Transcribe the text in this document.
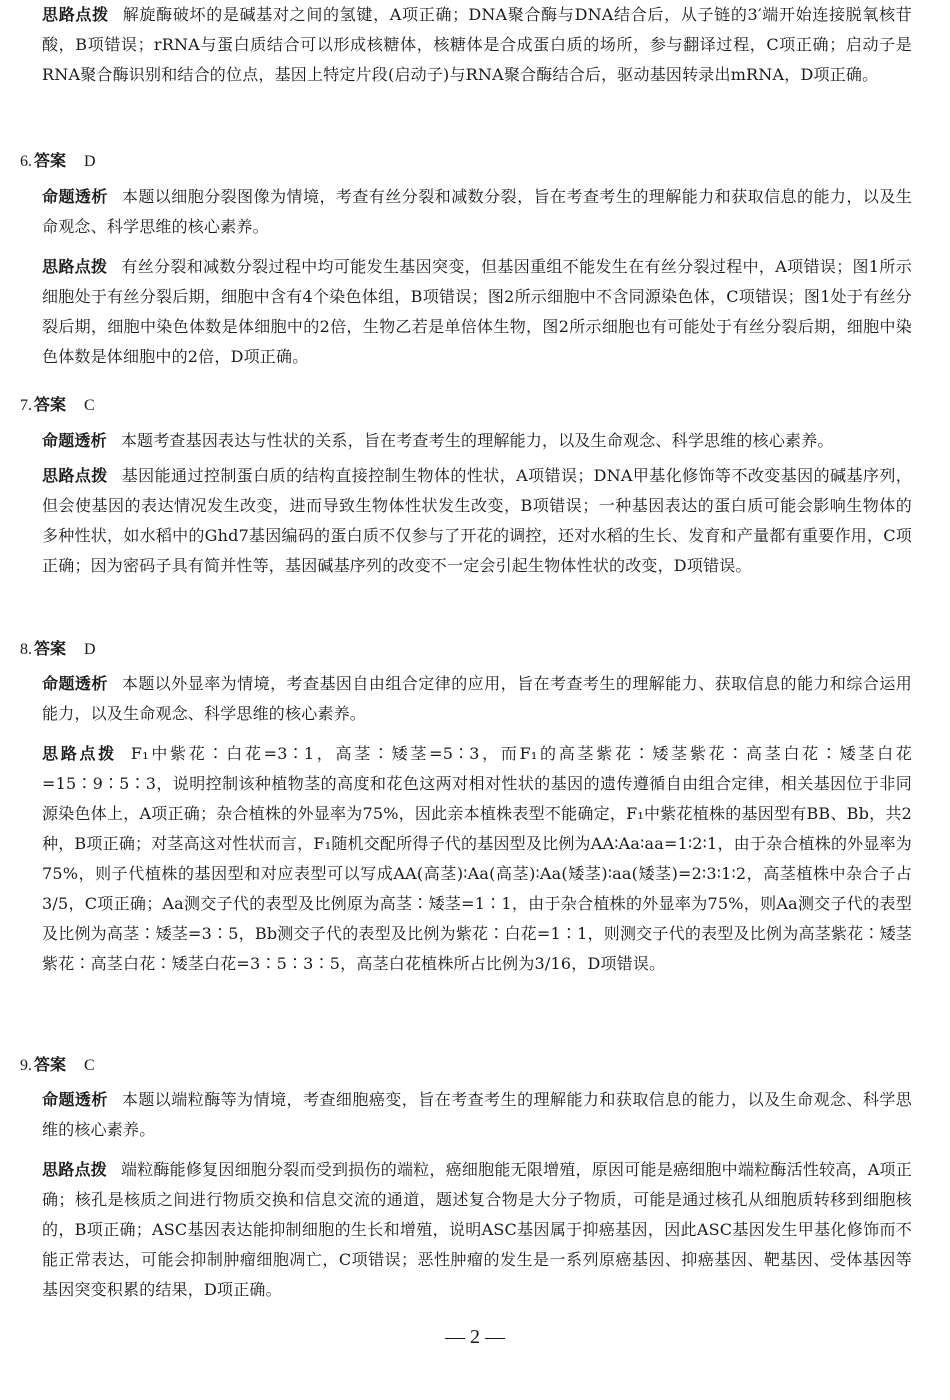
思路点拨 解旋酶破坏的是碱基对之间的氢键，A项正确；DNA聚合酶与DNA结合后，从子链的3′端开始连接脱氧核苷酸，B项错误；rRNA与蛋白质结合可以形成核糖体，核糖体是合成蛋白质的场所，参与翻译过程，C项正确；启动子是RNA聚合酶识别和结合的位点，基因上特定片段(启动子)与RNA聚合酶结合后，驱动基因转录出mRNA，D项正确。
6. 答案 D
命题透析 本题以细胞分裂图像为情境，考查有丝分裂和减数分裂，旨在考查考生的理解能力和获取信息的能力，以及生命观念、科学思维的核心素养。
思路点拨 有丝分裂和减数分裂过程中均可能发生基因突变，但基因重组不能发生在有丝分裂过程中，A项错误；图1所示细胞处于有丝分裂后期，细胞中含有4个染色体组，B项错误；图2所示细胞中不含同源染色体，C项错误；图1处于有丝分裂后期，细胞中染色体数是体细胞中的2倍，生物乙若是单倍体生物，图2所示细胞也有可能处于有丝分裂后期，细胞中染色体数是体细胞中的2倍，D项正确。
7. 答案 C
命题透析 本题考查基因表达与性状的关系，旨在考查考生的理解能力，以及生命观念、科学思维的核心素养。
思路点拨 基因能通过控制蛋白质的结构直接控制生物体的性状，A项错误；DNA甲基化修饰等不改变基因的碱基序列，但会使基因的表达情况发生改变，进而导致生物体性状发生改变，B项错误；一种基因表达的蛋白质可能会影响生物体的多种性状，如水稻中的Ghd7基因编码的蛋白质不仅参与了开花的调控，还对水稻的生长、发育和产量都有重要作用，C项正确；因为密码子具有简并性等，基因碱基序列的改变不一定会引起生物体性状的改变，D项错误。
8. 答案 D
命题透析 本题以外显率为情境，考查基因自由组合定律的应用，旨在考查考生的理解能力、获取信息的能力和综合运用能力，以及生命观念、科学思维的核心素养。
思路点拨 F₁中紫花∶白花=3∶1，高茎∶矮茎=5∶3，而F₁的高茎紫花∶矮茎紫花∶高茎白花∶矮茎白花=15∶9∶5∶3，说明控制该种植物茎的高度和花色这两对相对性状的基因的遗传遵循自由组合定律，相关基因位于非同源染色体上，A项正确；杂合植株的外显率为75%，因此亲本植株表型不能确定，F₁中紫花植株的基因型有BB、Bb，共2种，B项正确；对茎高这对性状而言，F₁随机交配所得子代的基因型及比例为AA∶Aa∶aa=1∶2∶1，由于杂合植株的外显率为75%，则子代植株的基因型和对应表型可以写成AA(高茎)∶Aa(高茎)∶Aa(矮茎)∶aa(矮茎)=2∶3∶1∶2，高茎植株中杂合子占3/5，C项正确；Aa测交子代的表型及比例原为高茎∶矮茎=1∶1，由于杂合植株的外显率为75%，则Aa测交子代的表型及比例为高茎∶矮茎=3∶5，Bb测交子代的表型及比例为紫花∶白花=1∶1，则测交子代的表型及比例为高茎紫花∶矮茎紫花∶高茎白花∶矮茎白花=3∶5∶3∶5，高茎白花植株所占比例为3/16，D项错误。
9. 答案 C
命题透析 本题以端粒酶等为情境，考查细胞癌变，旨在考查考生的理解能力和获取信息的能力，以及生命观念、科学思维的核心素养。
思路点拨 端粒酶能修复因细胞分裂而受到损伤的端粒，癌细胞能无限增殖，原因可能是癌细胞中端粒酶活性较高，A项正确；核孔是核质之间进行物质交换和信息交流的通道，题述复合物是大分子物质，可能是通过核孔从细胞质转移到细胞核的，B项正确；ASC基因表达能抑制细胞的生长和增殖，说明ASC基因属于抑癌基因，因此ASC基因发生甲基化修饰而不能正常表达，可能会抑制肿瘤细胞凋亡，C项错误；恶性肿瘤的发生是一系列原癌基因、抑癌基因、靶基因、受体基因等基因突变积累的结果，D项正确。
— 2 —
